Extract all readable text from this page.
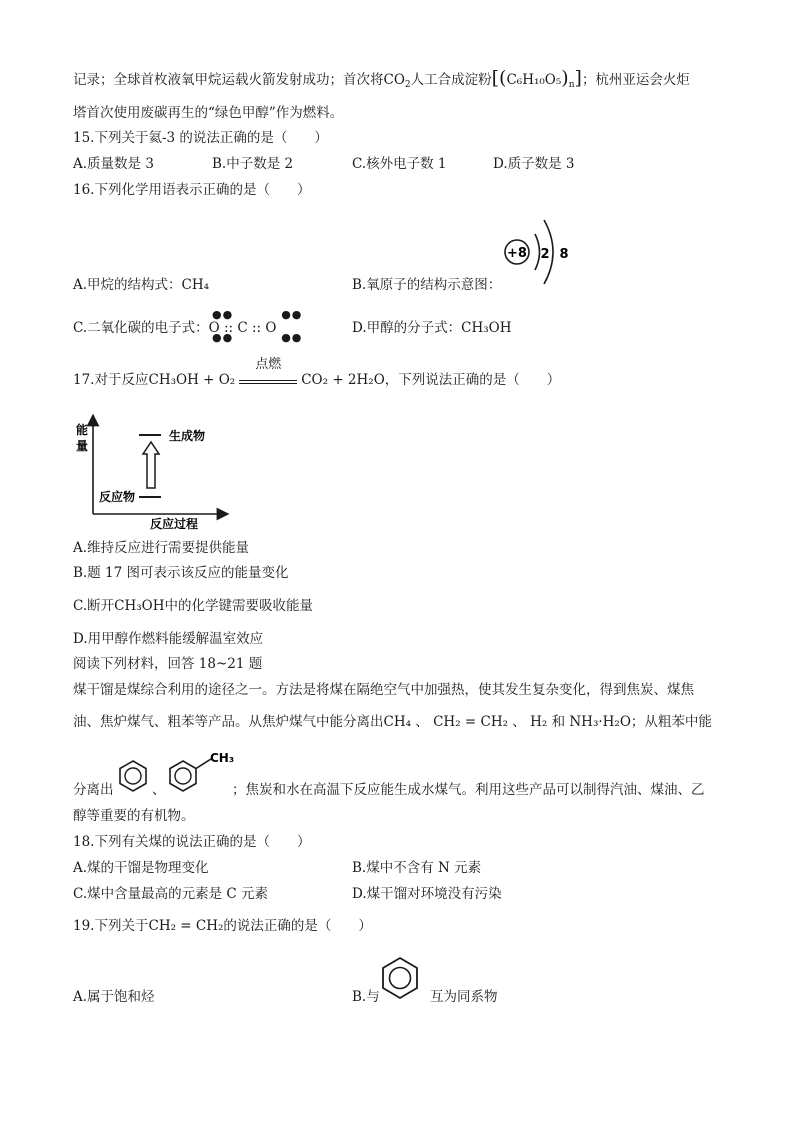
记录；全球首枚液氧甲烷运载火箭发射成功；首次将$CO_2$人工合成淀粉$[(C_6H_{10}O_5)_n]$；杭州亚运会火炬
塔首次使用废碳再生的“绿色甲醇”作为燃料。
15.下列关于氦-3 的说法正确的是（　　）
A.质量数是 3	B.中子数是 2	C.核外电子数 1	D.质子数是 3
16.下列化学用语表示正确的是（　　）
+8 2 8
A.甲烷的结构式：CH₄	B.氧原子的结构示意图：
C.二氧化碳的电子式：O :: C :: O
●●　　　　●●
●●　　　　●●
D.甲醇的分子式：CH₃OH
17.对于反应CH₃OH + O₂
点燃
CO₂ + 2H₂O，下列说法正确的是（　　）
能
量
生成物
反应物
反应过程
A.维持反应进行需要提供能量
B.题 17 图可表示该反应的能量变化
C.断开CH₃OH中的化学键需要吸收能量
D.用甲醇作燃料能缓解温室效应
阅读下列材料，回答 18~21 题
煤干馏是煤综合利用的途径之一。方法是将煤在隔绝空气中加强热，使其发生复杂变化，得到焦炭、煤焦
油、焦炉煤气、粗苯等产品。从焦炉煤气中能分离出CH₄ 、 CH₂ = CH₂ 、 H₂ 和 NH₃·H₂O；从粗苯中能
分离出	、
CH₃
；焦炭和水在高温下反应能生成水煤气。利用这些产品可以制得汽油、煤油、乙
醇等重要的有机物。
18.下列有关煤的说法正确的是（　　）
A.煤的干馏是物理变化	B.煤中不含有 N 元素
C.煤中含量最高的元素是 C 元素	D.煤干馏对环境没有污染
19.下列关于CH₂ = CH₂的说法正确的是（　　）
A.属于饱和烃	B.与	互为同系物
